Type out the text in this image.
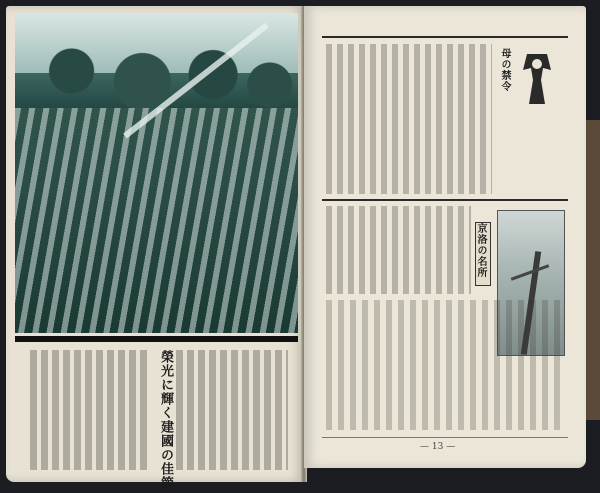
榮光に輝く建國の佳節
母の禁令
京洛の名所
— 13 —
